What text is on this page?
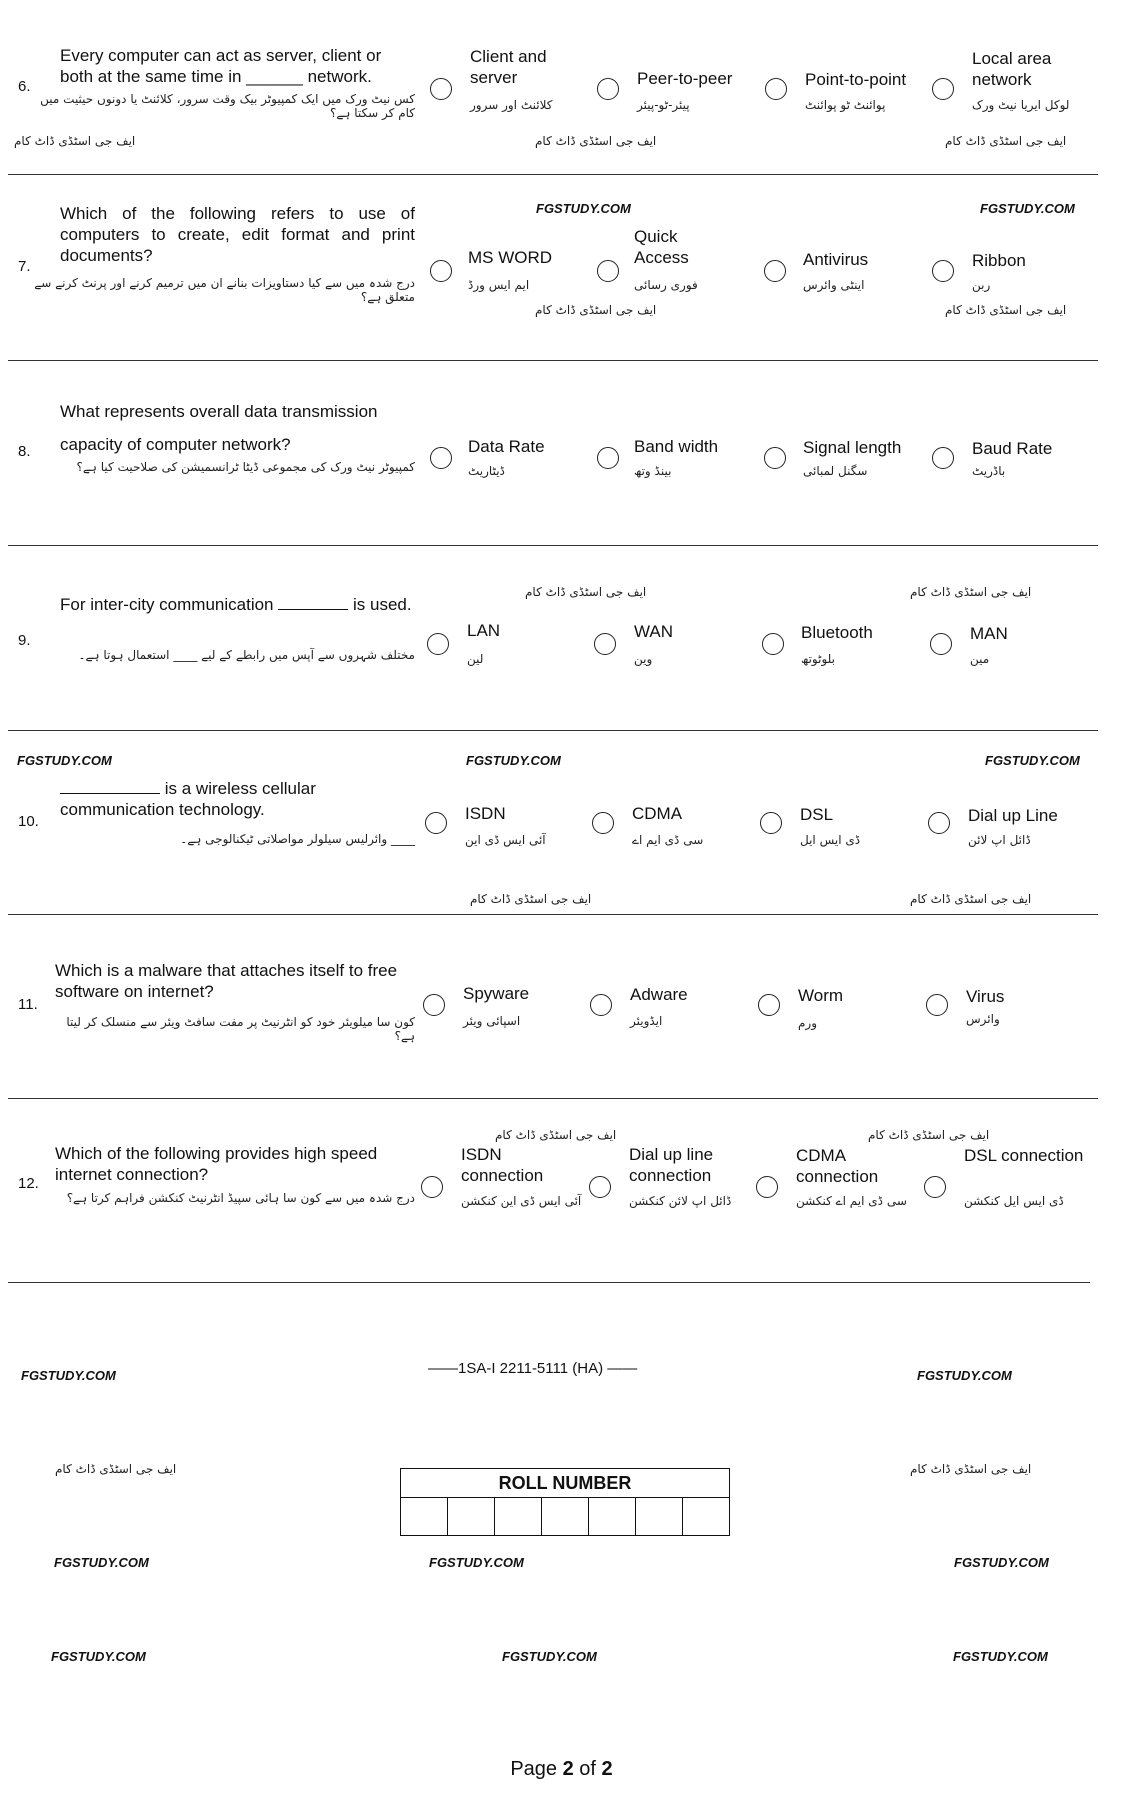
6.
Every computer can act as server, client or both at the same time in ______ network.
کس نیٹ ورک میں ایک کمپیوٹر بیک وقت سرور، کلائنٹ یا دونوں حیثیت میں کام کر سکتا ہے؟
Client and server
کلائنٹ اور سرور
Peer-to-peer
پیئر-ٹو-پیئر
Point-to-point
پوائنٹ ٹو پوائنٹ
Local area network
لوکل ایریا نیٹ ورک
ایف جی اسٹڈی ڈاٹ کام	ایف جی اسٹڈی ڈاٹ کام	ایف جی اسٹڈی ڈاٹ کام
FGSTUDY.COM	FGSTUDY.COM
7.
Which of the following refers to use of computers to create, edit format and print documents?
درج شدہ میں سے کیا دستاویزات بنانے ان میں ترمیم کرنے اور پرنٹ کرنے سے متعلق ہے؟
MS WORD
ایم ایس ورڈ
Quick Access
فوری رسائی
Antivirus
اینٹی وائرس
Ribbon
ربن
ایف جی اسٹڈی ڈاٹ کام	ایف جی اسٹڈی ڈاٹ کام
8.
What represents overall data transmission capacity of computer network?
کمپیوٹر نیٹ ورک کی مجموعی ڈیٹا ٹرانسمیشن کی صلاحیت کیا ہے؟
Data Rate
ڈیٹاریٹ
Band width
بینڈ وتھ
Signal length
سگنل لمبائی
Baud Rate
باڈریٹ
ایف جی اسٹڈی ڈاٹ کام	ایف جی اسٹڈی ڈاٹ کام
9.
For inter-city communication	is used.
مختلف شہروں سے آپس میں رابطے کے لیے ____ استعمال ہوتا ہے۔
LAN
لین
WAN
وین
Bluetooth
بلوٹوتھ
MAN
مین
FGSTUDY.COM	FGSTUDY.COM	FGSTUDY.COM
10.
is a wireless cellular communication technology.
____ وائرلیس سیلولر مواصلاتی ٹیکنالوجی ہے۔
ISDN
آئی ایس ڈی این
CDMA
سی ڈی ایم اے
DSL
ڈی ایس ایل
Dial up Line
ڈائل اپ لائن
ایف جی اسٹڈی ڈاٹ کام	ایف جی اسٹڈی ڈاٹ کام
11.
Which is a malware that attaches itself to free software on internet?
کون سا میلویئر خود کو انٹرنیٹ پر مفت سافٹ ویئر سے منسلک کر لیتا ہے؟
Spyware
اسپائی ویئر
Adware
ایڈویئر
Worm
ورم
Virus
وائرس
ایف جی اسٹڈی ڈاٹ کام	ایف جی اسٹڈی ڈاٹ کام
12.
Which of the following provides high speed internet connection?
درج شدہ میں سے کون سا ہائی سپیڈ انٹرنیٹ کنکشن فراہم کرتا ہے؟
ISDN connection
آئی ایس ڈی این کنکشن
Dial up line connection
ڈائل اپ لائن کنکشن
CDMA connection
سی ڈی ایم اے کنکشن
DSL connection
ڈی ایس ایل کنکشن
FGSTUDY.COM	——1SA-I 2211-5111 (HA) ——	FGSTUDY.COM
ایف جی اسٹڈی ڈاٹ کام
ROLL NUMBER
ایف جی اسٹڈی ڈاٹ کام
FGSTUDY.COM	FGSTUDY.COM	FGSTUDY.COM
FGSTUDY.COM	FGSTUDY.COM	FGSTUDY.COM
Page 2 of 2
